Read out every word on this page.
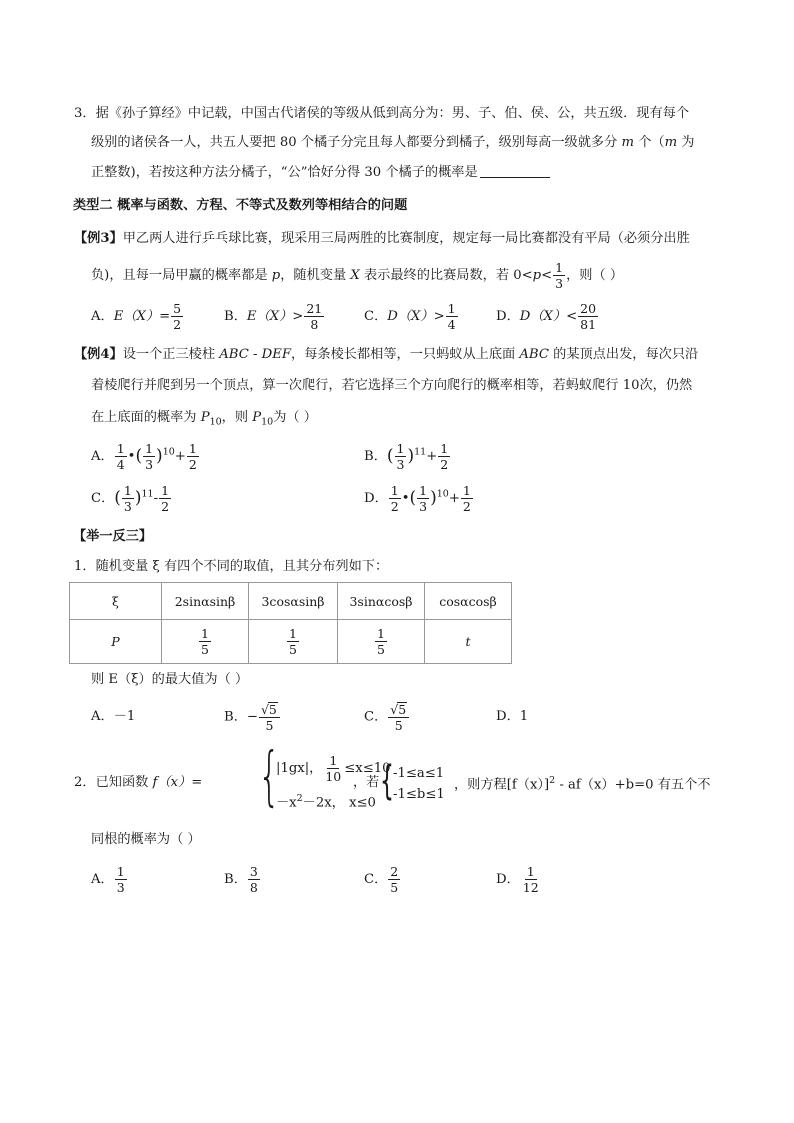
3．据《孙子算经》中记载，中国古代诸侯的等级从低到高分为：男、子、伯、侯、公，共五级．现有每个
级别的诸侯各一人，共五人要把 80 个橘子分完且每人都要分到橘子，级别每高一级就多分 m 个（m 为
正整数)，若按这种方法分橘子，“公”恰好分得 30 个橘子的概率是
类型二 概率与函数、方程、不等式及数列等相结合的问题
【例3】甲乙两人进行乒乓球比赛，现采用三局两胜的比赛制度，规定每一局比赛都没有平局（必须分出胜
负)，且每一局甲赢的概率都是 p，随机变量 X 表示最终的比赛局数，若 $0<p< \frac{1}{3}$ ，则（ ）
A．$E(X)= \frac{5}{2}$	B．$E(X)> \frac{21}{8}$	C．$D(X)> \frac{1}{4}$	D．$D(X)< \frac{20}{81}$
【例4】设一个正三棱柱 ABC - DEF，每条棱长都相等，一只蚂蚁从上底面 ABC 的某顶点出发，每次只沿
着棱爬行并爬到另一个顶点，算一次爬行，若它选择三个方向爬行的概率相等，若蚂蚁爬行 10次，仍然
在上底面的概率为 $P_{10}$，则 $P_{10}$为（ ）
A． $\frac{1}{4}$ •( $\frac{1}{3} )^{10}+ \frac{1}{2}$	B．( $\frac{1}{3} )^{11}+ \frac{1}{2}$
C．( $\frac{1}{3} )^{11}- \frac{1}{2}$	D． $\frac{1}{2}$ •( $\frac{1}{3} )^{10}+ \frac{1}{2}$
【举一反三】
1．随机变量 ξ 有四个不同的取值，且其分布列如下：
ξ	2sinαsinβ	3cosαsinβ	3sinαcosβ	cosαcosβ
P	$\frac{1}{5}$	$\frac{1}{5}$	$\frac{1}{5}$	t
则 E（ξ）的最大值为（ ）
A．－1	B．− $\frac{√5}{5}$	C． $\frac{√5}{5}$	D．1
2．已知函数 f（x）= {
|1gx|， $\frac{1}{10} \le x\le 10$
$-x^2-2x$， x≤0
，若 { -1≤a≤1
-1≤b≤1
，则方程$[f(x)]^2 - af(x)+b=0$ 有五个不
同根的概率为（ ）
A． $\frac{1}{3}$	B． $\frac{3}{8}$	C． $\frac{2}{5}$	D． $\frac{1}{12}$
